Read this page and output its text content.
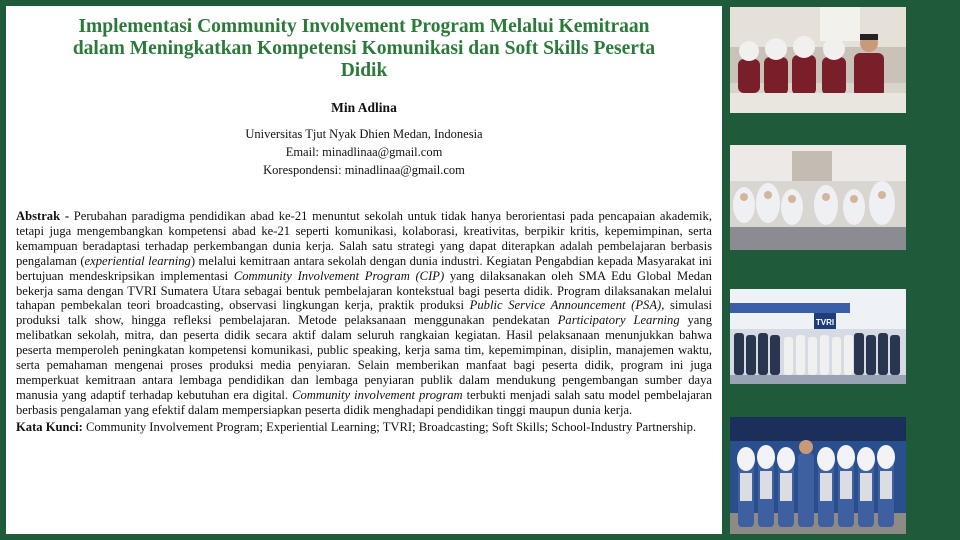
Implementasi Community Involvement Program Melalui Kemitraan dalam Meningkatkan Kompetensi Komunikasi dan Soft Skills Peserta Didik
Min Adlina
Universitas Tjut Nyak Dhien Medan, Indonesia
Email: minadlinaa@gmail.com
Korespondensi: minadlinaa@gmail.com
Abstrak - Perubahan paradigma pendidikan abad ke-21 menuntut sekolah untuk tidak hanya berorientasi pada pencapaian akademik, tetapi juga mengembangkan kompetensi abad ke-21 seperti komunikasi, kolaborasi, kreativitas, berpikir kritis, kepemimpinan, serta kemampuan beradaptasi terhadap perkembangan dunia kerja. Salah satu strategi yang dapat diterapkan adalah pembelajaran berbasis pengalaman (experiential learning) melalui kemitraan antara sekolah dengan dunia industri. Kegiatan Pengabdian kepada Masyarakat ini bertujuan mendeskripsikan implementasi Community Involvement Program (CIP) yang dilaksanakan oleh SMA Edu Global Medan bekerja sama dengan TVRI Sumatera Utara sebagai bentuk pembelajaran kontekstual bagi peserta didik. Program dilaksanakan melalui tahapan pembekalan teori broadcasting, observasi lingkungan kerja, praktik produksi Public Service Announcement (PSA), simulasi produksi talk show, hingga refleksi pembelajaran. Metode pelaksanaan menggunakan pendekatan Participatory Learning yang melibatkan sekolah, mitra, dan peserta didik secara aktif dalam seluruh rangkaian kegiatan. Hasil pelaksanaan menunjukkan bahwa peserta memperoleh peningkatan kompetensi komunikasi, public speaking, kerja sama tim, kepemimpinan, disiplin, manajemen waktu, serta pemahaman mengenai proses produksi media penyiaran. Selain memberikan manfaat bagi peserta didik, program ini juga memperkuat kemitraan antara lembaga pendidikan dan lembaga penyiaran publik dalam mendukung pengembangan sumber daya manusia yang adaptif terhadap kebutuhan era digital. Community involvement program terbukti menjadi salah satu model pembelajaran berbasis pengalaman yang efektif dalam mempersiapkan peserta didik menghadapi pendidikan tinggi maupun dunia kerja.
Kata Kunci: Community Involvement Program; Experiential Learning; TVRI; Broadcasting; Soft Skills; School-Industry Partnership.
TVRI
